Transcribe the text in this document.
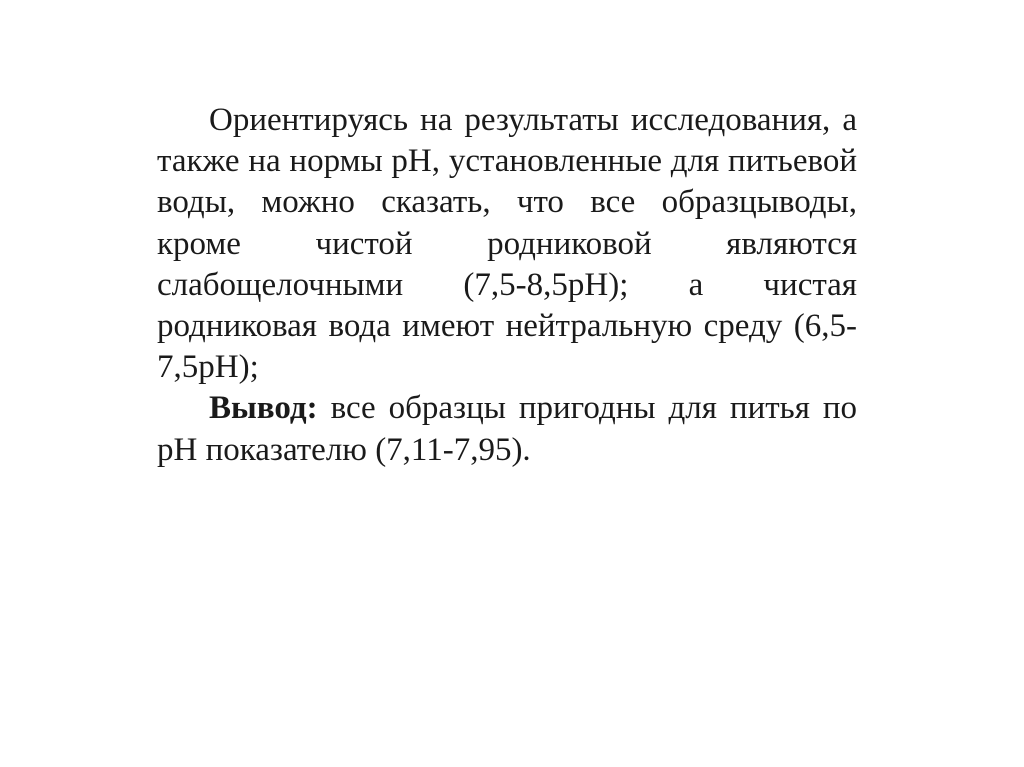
Ориентируясь на результаты исследования, а также на нормы рН, установленные для питьевой воды, можно сказать, что все образцыводы, кроме чистой родниковой являются слабощелочными (7,5-8,5рН); а чистая родниковая вода имеют нейтральную среду (6,5-7,5рН);

Вывод: все образцы пригодны для питья по рН показателю (7,11-7,95).
